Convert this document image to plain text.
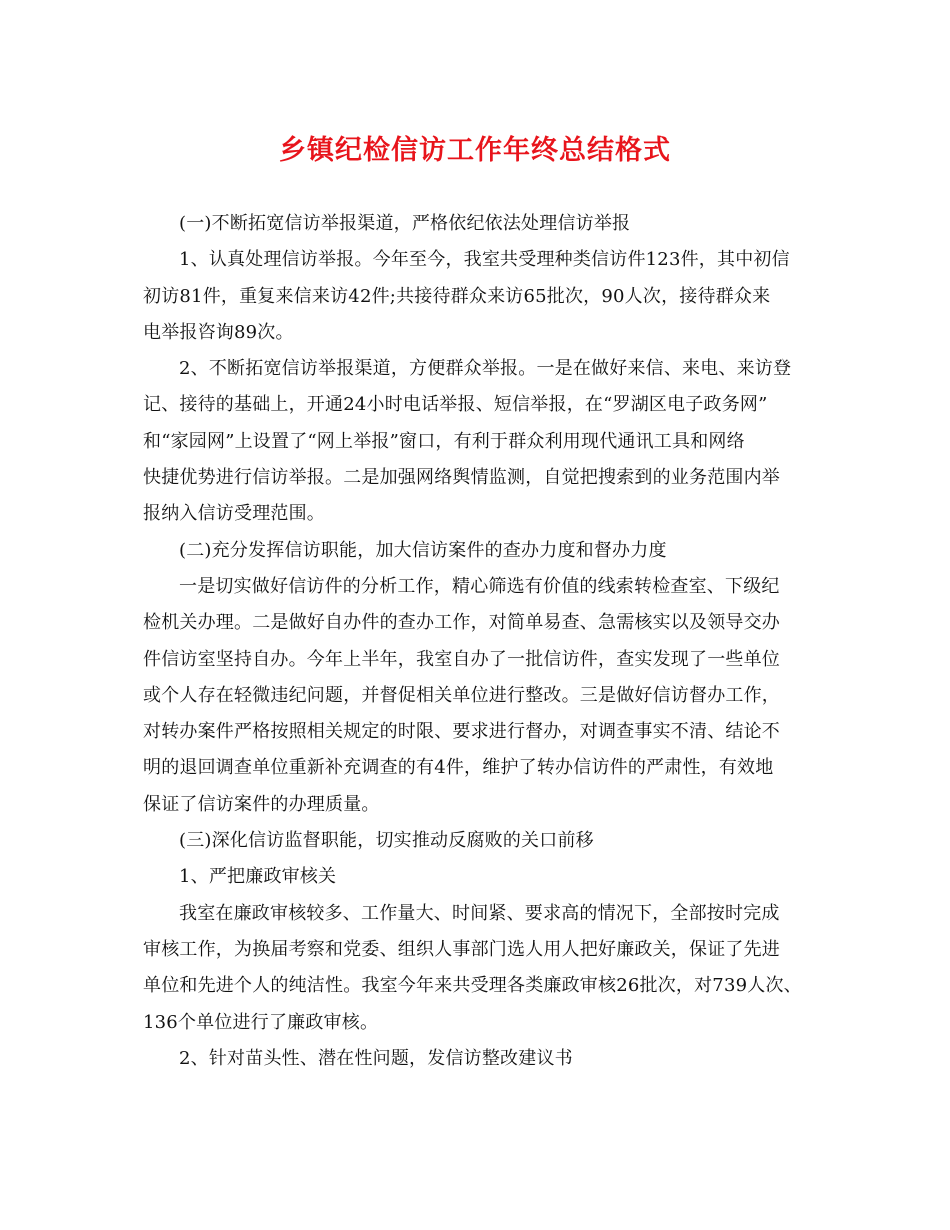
乡镇纪检信访工作年终总结格式
(一)不断拓宽信访举报渠道，严格依纪依法处理信访举报
1、认真处理信访举报。今年至今，我室共受理种类信访件123件，其中初信
初访81件，重复来信来访42件;共接待群众来访65批次，90人次，接待群众来
电举报咨询89次。
2、不断拓宽信访举报渠道，方便群众举报。一是在做好来信、来电、来访登
记、接待的基础上，开通24小时电话举报、短信举报，在“罗湖区电子政务网”
和“家园网”上设置了“网上举报”窗口，有利于群众利用现代通讯工具和网络
快捷优势进行信访举报。二是加强网络舆情监测，自觉把搜索到的业务范围内举
报纳入信访受理范围。
(二)充分发挥信访职能，加大信访案件的查办力度和督办力度
一是切实做好信访件的分析工作，精心筛选有价值的线索转检查室、下级纪
检机关办理。二是做好自办件的查办工作，对简单易查、急需核实以及领导交办
件信访室坚持自办。今年上半年，我室自办了一批信访件，查实发现了一些单位
或个人存在轻微违纪问题，并督促相关单位进行整改。三是做好信访督办工作，
对转办案件严格按照相关规定的时限、要求进行督办，对调查事实不清、结论不
明的退回调查单位重新补充调查的有4件，维护了转办信访件的严肃性，有效地
保证了信访案件的办理质量。
(三)深化信访监督职能，切实推动反腐败的关口前移
1、严把廉政审核关
我室在廉政审核较多、工作量大、时间紧、要求高的情况下，全部按时完成
审核工作，为换届考察和党委、组织人事部门选人用人把好廉政关，保证了先进
单位和先进个人的纯洁性。我室今年来共受理各类廉政审核26批次，对739人次、
136个单位进行了廉政审核。
2、针对苗头性、潜在性问题，发信访整改建议书
